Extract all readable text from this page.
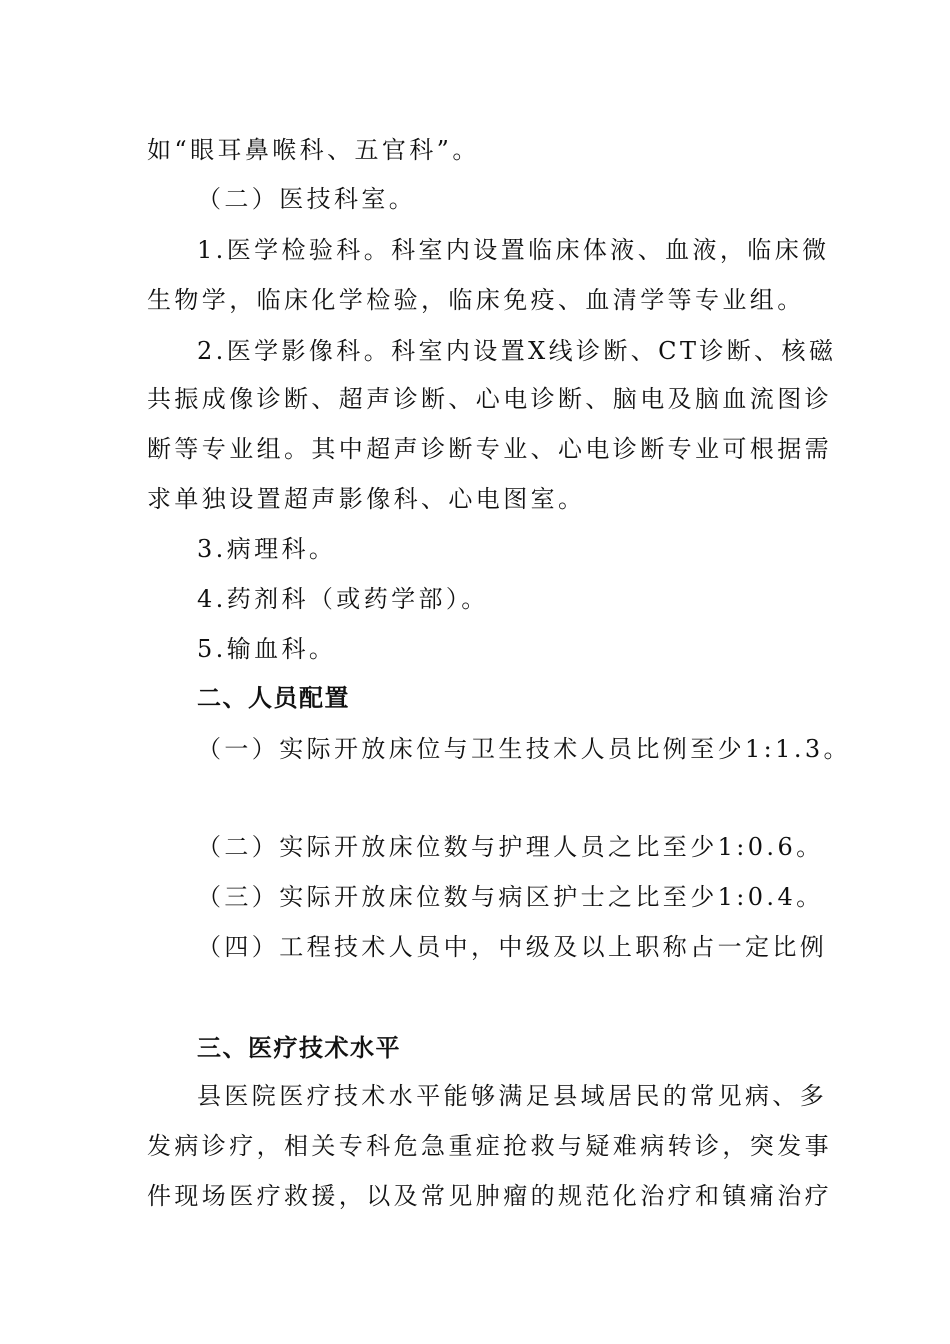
如“眼耳鼻喉科、五官科”。
（二）医技科室。
1.医学检验科。科室内设置临床体液、血液，临床微
生物学，临床化学检验，临床免疫、血清学等专业组。
2.医学影像科。科室内设置X线诊断、CT诊断、核磁
共振成像诊断、超声诊断、心电诊断、脑电及脑血流图诊
断等专业组。其中超声诊断专业、心电诊断专业可根据需
求单独设置超声影像科、心电图室。
3.病理科。
4.药剂科（或药学部）。
5.输血科。
二、人员配置
（一）实际开放床位与卫生技术人员比例至少1:1.3。
（二）实际开放床位数与护理人员之比至少1:0.6。
（三）实际开放床位数与病区护士之比至少1:0.4。
（四）工程技术人员中，中级及以上职称占一定比例
三、医疗技术水平
县医院医疗技术水平能够满足县域居民的常见病、多
发病诊疗，相关专科危急重症抢救与疑难病转诊，突发事
件现场医疗救援，以及常见肿瘤的规范化治疗和镇痛治疗
